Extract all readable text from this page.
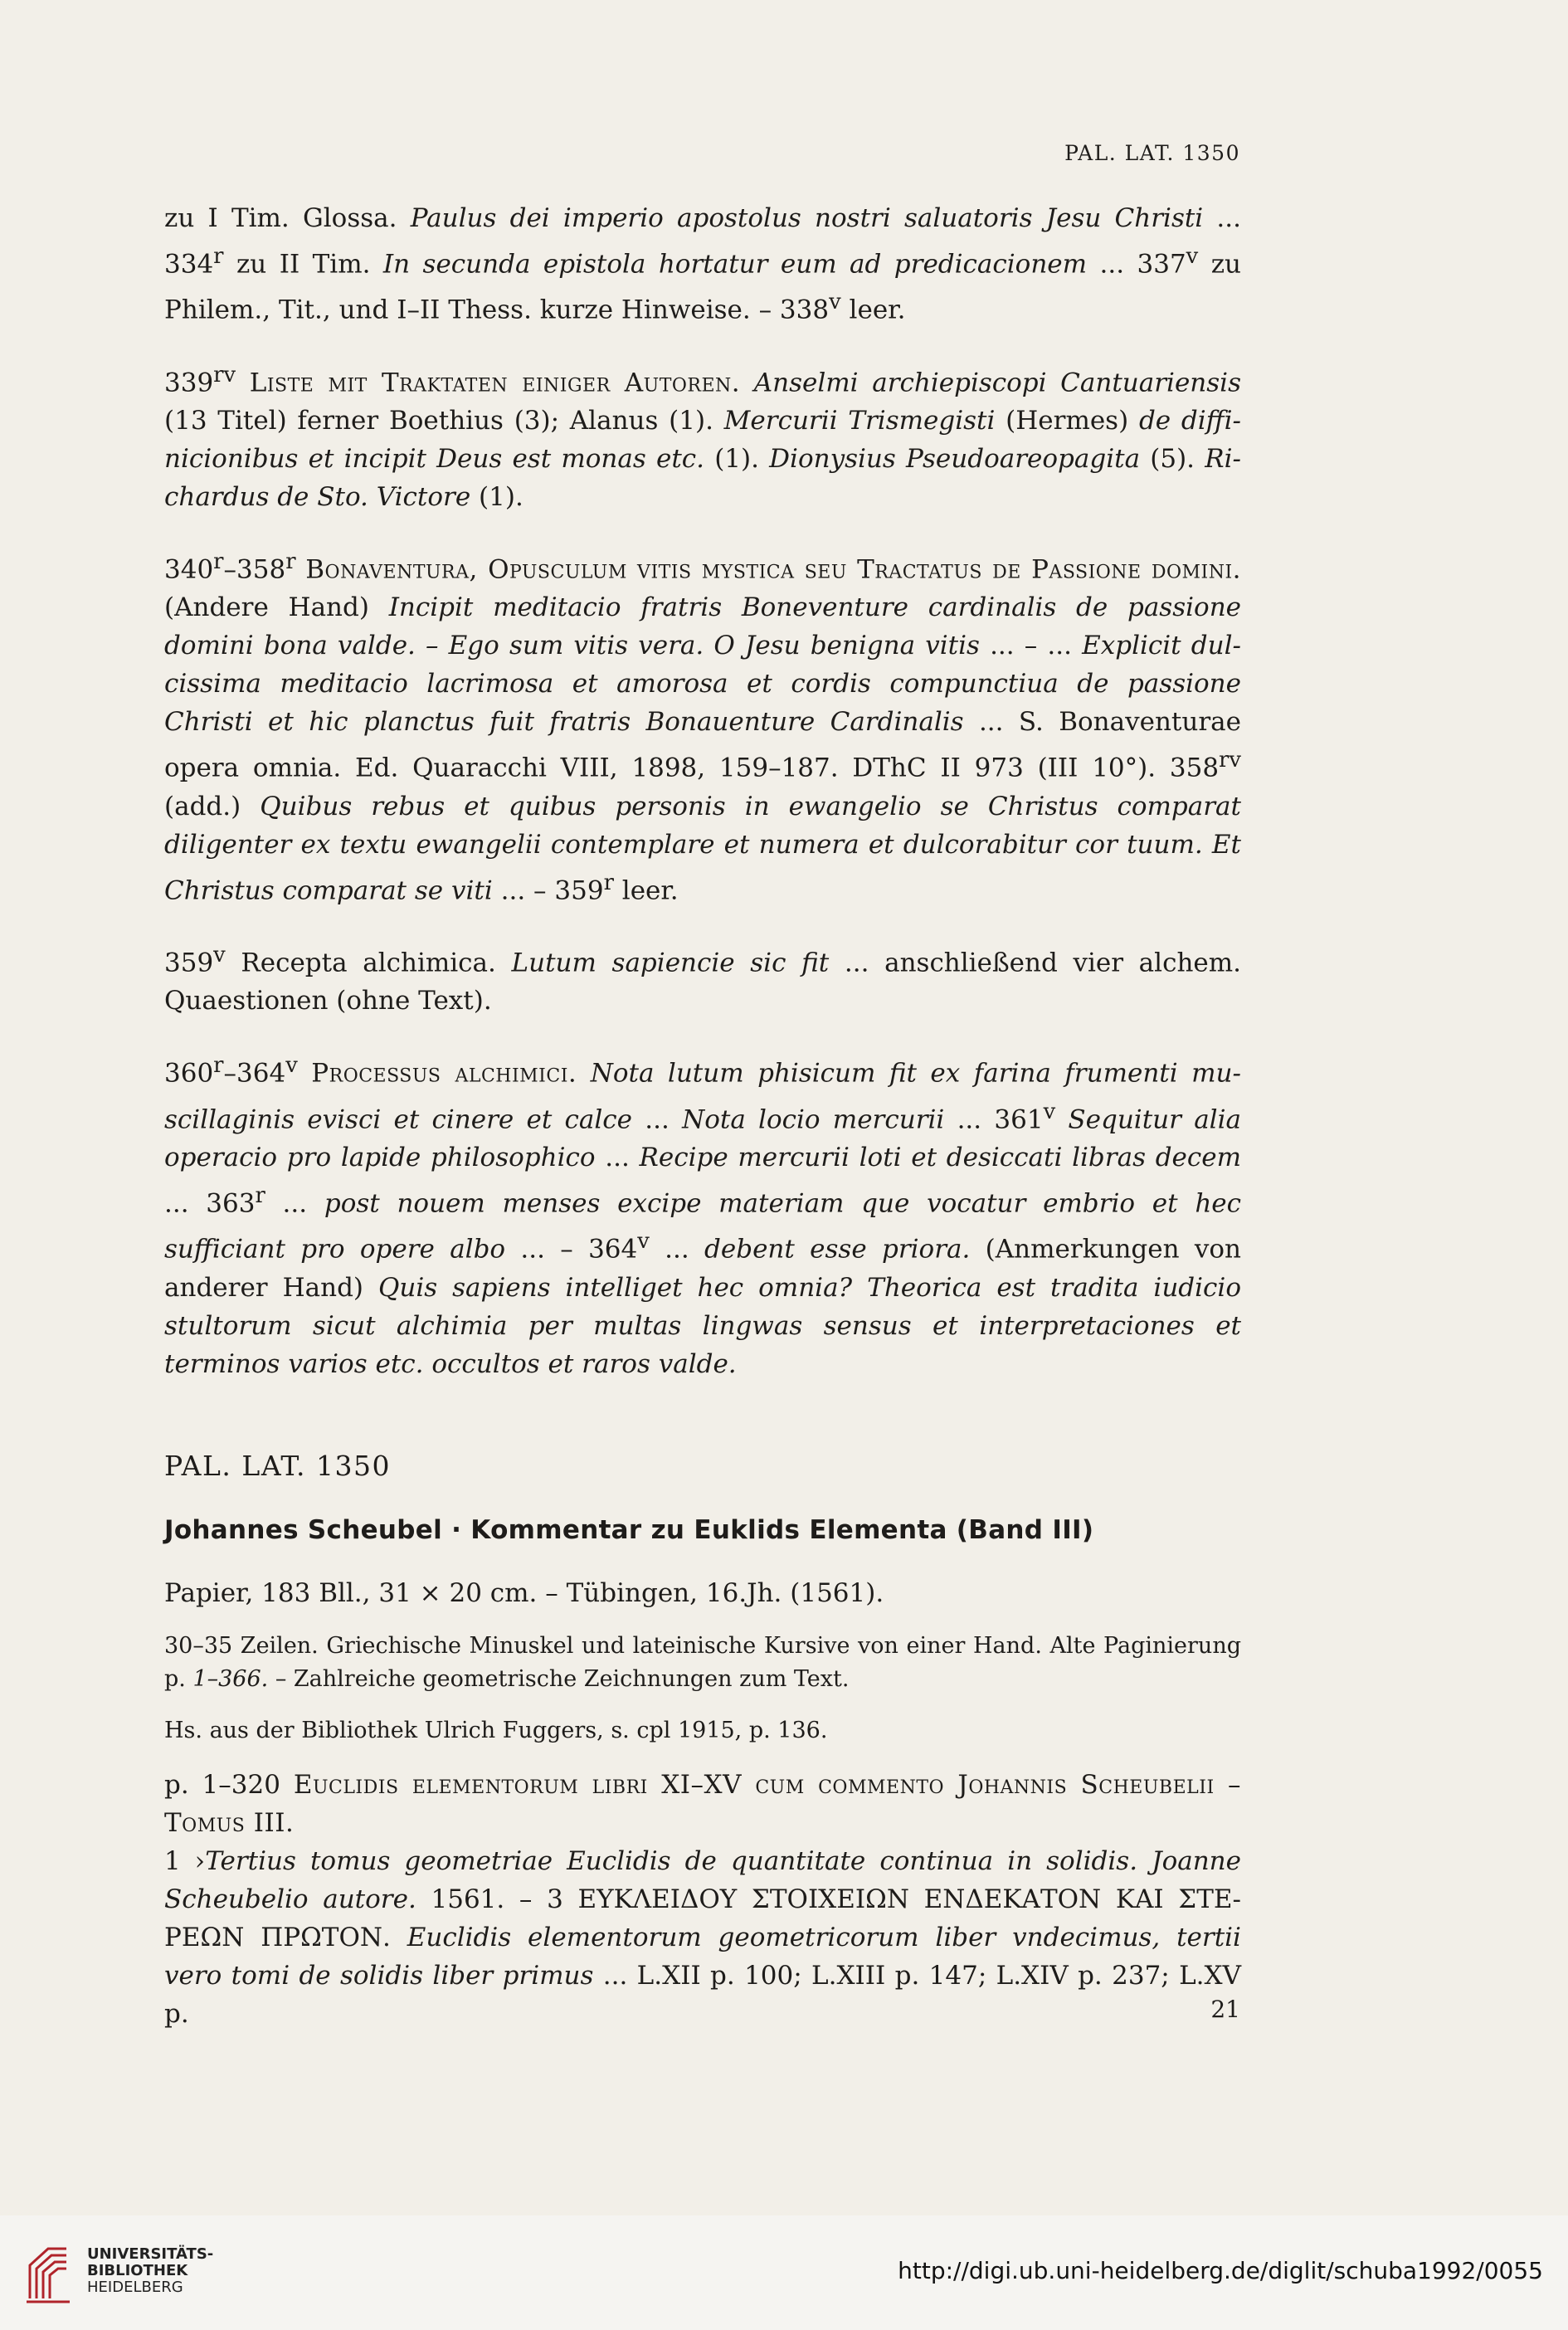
PAL. LAT. 1350
zu I Tim. Glossa. Paulus dei imperio apostolus nostri saluatoris Jesu Christi ... 334$^r$ zu II Tim. In secunda epistola hortatur eum ad predicacionem ... 337$^v$ zu Philem., Tit., und I–II Thess. kurze Hinweise. – 338$^v$ leer.
$339^{rv}$ Liste mit Traktaten einiger Autoren. Anselmi archiepiscopi Cantuariensis (13 Titel) ferner Boethius (3); Alanus (1). Mercurii Trismegisti (Hermes) de diffinicionibus et incipit Deus est monas etc. (1). Dionysius Pseudoareopagita (5). Richardus de Sto. Victore (1).
340$^r$–358$^r$ Bonaventura, Opusculum vitis mystica seu Tractatus de Passione domini. (Andere Hand) Incipit meditacio fratris Boneventure cardinalis de passione domini bona valde. – Ego sum vitis vera. O Jesu benigna vitis ... – ... Explicit dulcissima meditacio lacrimosa et amorosa et cordis compunctiua de passione Christi et hic planctus fuit fratris Bonauenture Cardinalis ... S. Bonaventurae opera omnia. Ed. Quaracchi VIII, 1898, 159–187. DThC II 973 (III 10°). $358^{rv}$ (add.) Quibus rebus et quibus personis in ewangelio se Christus comparat diligenter ex textu ewangelii contemplare et numera et dulcorabitur cor tuum. Et Christus comparat se viti ... – 359$^r$ leer.
359$^v$ Recepta alchimica. Lutum sapiencie sic fit ... anschließend vier alchem. Quaestionen (ohne Text).
360$^r$–364$^v$ Processus alchimici. Nota lutum phisicum fit ex farina frumenti muscillaginis evisci et cinere et calce ... Nota locio mercurii ... 361$^v$ Sequitur alia operacio pro lapide philosophico ... Recipe mercurii loti et desiccati libras decem ... 363$^r$ ... post nouem menses excipe materiam que vocatur embrio et hec sufficiant pro opere albo ... – 364$^v$ ... debent esse priora. (Anmerkungen von anderer Hand) Quis sapiens intelliget hec omnia? Theorica est tradita iudicio stultorum sicut alchimia per multas lingwas sensus et interpretaciones et terminos varios etc. occultos et raros valde.
PAL. LAT. 1350
Johannes Scheubel · Kommentar zu Euklids Elementa (Band III)
Papier, 183 Bll., 31 × 20 cm. – Tübingen, 16.Jh. (1561).
30–35 Zeilen. Griechische Minuskel und lateinische Kursive von einer Hand. Alte Paginierung p. 1–366. – Zahlreiche geometrische Zeichnungen zum Text.
Hs. aus der Bibliothek Ulrich Fuggers, s. cpl 1915, p. 136.
p. 1–320 Euclidis elementorum libri XI–XV cum commento Johannis Scheubelii – Tomus III.
1 ›Tertius tomus geometriae Euclidis de quantitate continua in solidis. Joanne Scheubelio autore. 1561. – 3 ΕΥΚΛΕΙΔΟΥ ΣΤΟΙΧΕΙΩΝ ΕΝΔΕΚΑΤΟΝ ΚΑΙ ΣΤΕΡΕΩΝ ΠΡΩΤΟΝ. Euclidis elementorum geometricorum liber vndecimus, tertii vero tomi de solidis liber primus ... L.XII p. 100; L.XIII p. 147; L.XIV p. 237; L.XV p.	21
UNIVERSITÄTS-
BIBLIOTHEK
HEIDELBERG
http://digi.ub.uni-heidelberg.de/diglit/schuba1992/0055
